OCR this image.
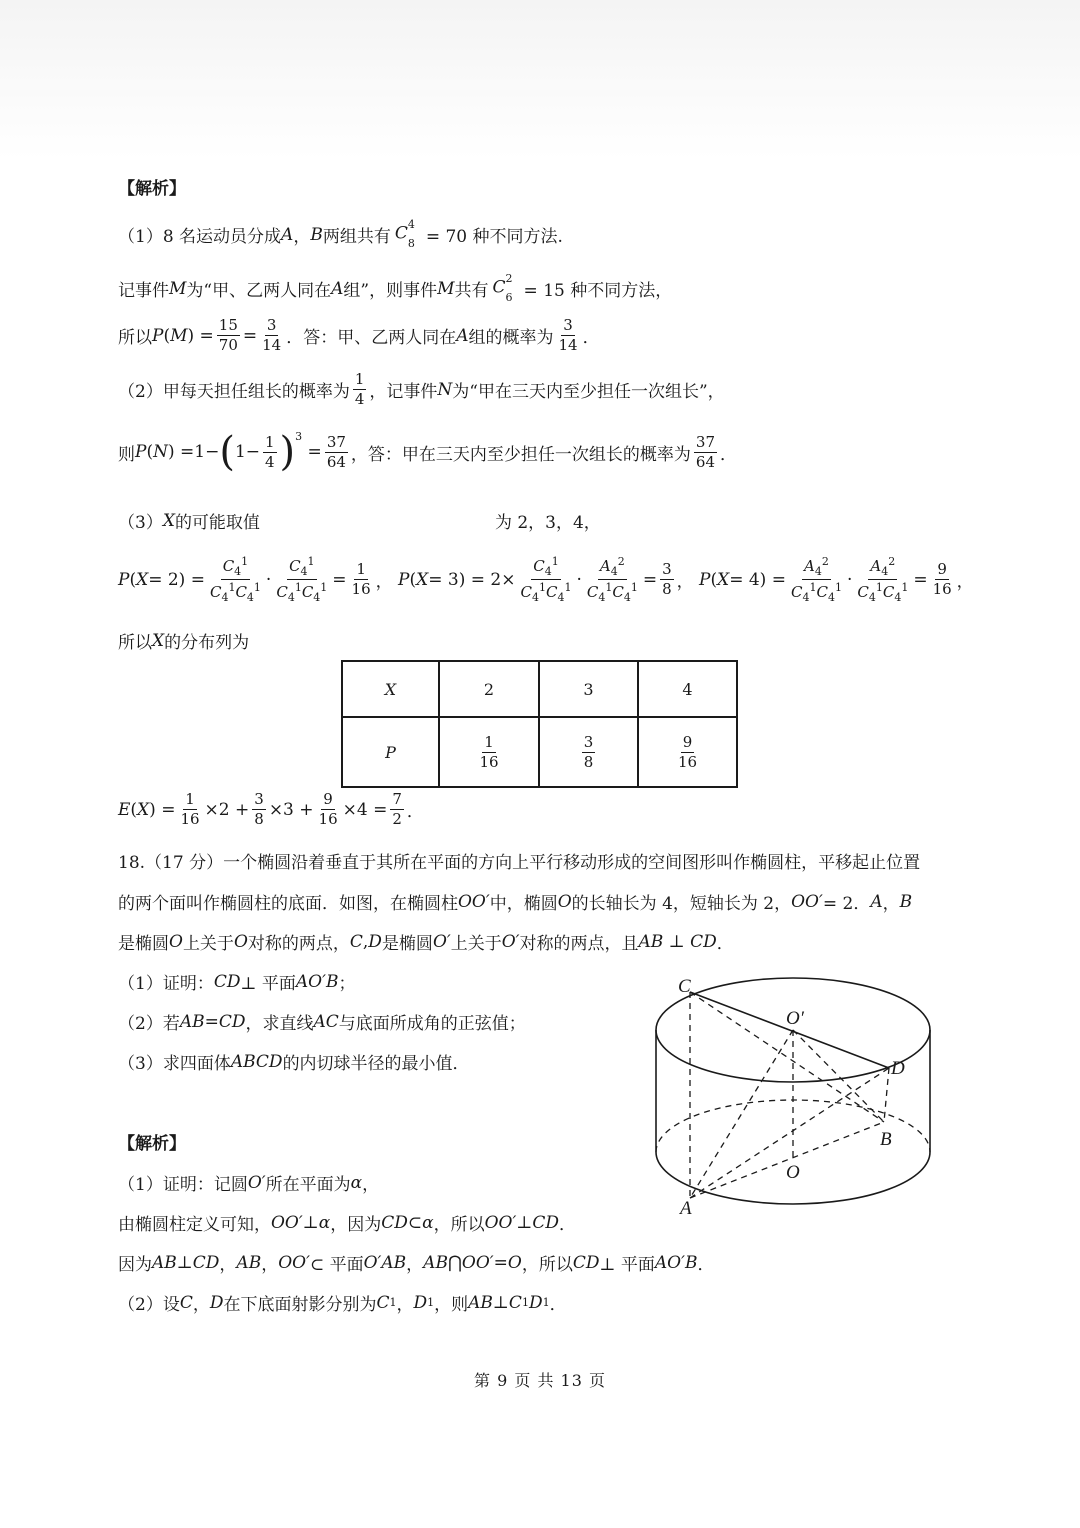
【解析】
（1）8 名运动员分成 A ， B 两组共有 $C_8^4$
= 70 种不同方法.
记事件 M 为“甲、乙两人同在 A 组”，则事件 M 共有 $C_6^2$
= 15 种不同方法，
所以 P ( M ) = $\frac{15}{70} = \frac{3}{14}$ ．答：甲、乙两人同在 A 组的概率为 $\frac{3}{14}$ ．
（2）甲每天担任组长的概率为 $\frac{1}{4}$ ，记事件 N 为“甲在三天内至少担任一次组长”，
则 P ( N ) =1− ( $1- \frac{1}{4} )^3$
= $\frac{37}{64}$ ，答：甲在三天内至少担任一次组长的概率为 $\frac{37}{64}$ ．
（3） X 的可能取值	为 2，3，4，
P ( $X = 2) = \frac{C_4^1}{C_4^1C_4^1} \cdot \frac{C_4^1}{C_4^1C_4^1} = \frac{1}{16}$ ， P ( $X = 3) = 2\times \frac{C_4^1}{C_4^1C_4^1} \cdot \frac{A_4^2}{C_4^1C_4^1} = \frac{3}{8}$ ， P ( $X = 4) = \frac{A_4^2}{C_4^1C_4^1} \cdot \frac{A_4^2}{C_4^1C_4^1} = \frac{9}{16}$ ，
所以 X 的分布列为
X	2	3	4
P	$\frac{1}{16}$	$\frac{3}{8}$	$\frac{9}{16}$
E ( X ) = $\frac{1}{16} \times 2 + \frac{3}{8} \times 3 + \frac{9}{16} \times 4 = \frac{7}{2}$ ．
18.（17 分）一个椭圆沿着垂直于其所在平面的方向上平行移动形成的空间图形叫作椭圆柱，平移起止位置
的两个面叫作椭圆柱的底面．如图，在椭圆柱 OO′ 中，椭圆 O 的长轴长为 4，短轴长为 2， OO′ = 2． A ， B
是椭圆 O 上关于 O 对称的两点， C , D 是椭圆 O′ 上关于 O′ 对称的两点，且 AB ⊥ CD ．
（1）证明： CD ⊥ 平面 AO′B ；
（2）若 AB = CD ，求直线 AC 与底面所成角的正弦值；
（3）求四面体 ABCD 的内切球半径的最小值．
【解析】
（1）证明：记圆 O′ 所在平面为 α ，
由椭圆柱定义可知， OO′ ⊥ α ，因为 CD ⊂ α ，所以 OO′ ⊥ CD ．
因为 AB ⊥ CD ， AB ， OO′ ⊂ 平面 O′AB ， AB ⋂ OO′ = O ，所以 CD ⊥ 平面 AO′B ．
（2）设 C ， D 在下底面射影分别为 C 1 ， D 1 ，则 AB ⊥ C 1 D 1 ．
C
O′
D
B
O
A
第 9 页 共 13 页
